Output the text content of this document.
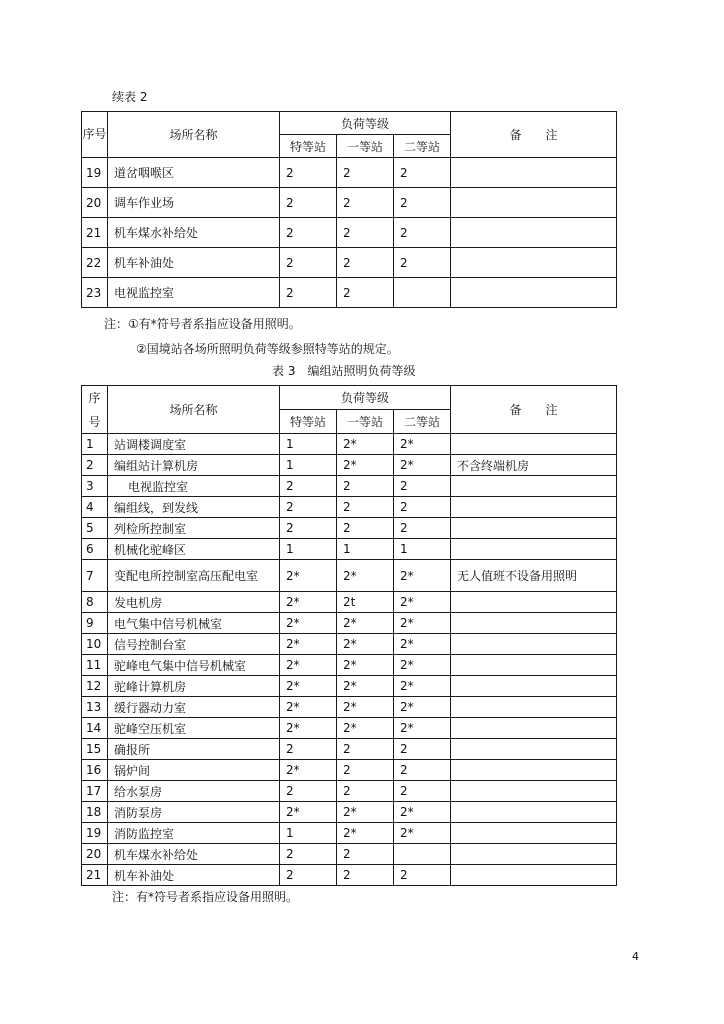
续表 2
序号	场所名称	负荷等级			备　　注
		特等站	一等站	二等站	
19	道岔咽喉区	2	2	2	
20	调车作业场	2	2	2	
21	机车煤水补给处	2	2	2	
22	机车补油处	2	2	2	
23	电视监控室	2	2		
注：①有*符号者系指应设备用照明。
②国境站各场所照明负荷等级参照特等站的规定。
表 3　编组站照明负荷等级
序	场所名称	负荷等级			备　　注
号		特等站	一等站	二等站	
1	站调楼调度室	1	2*	2*	
2	编组站计算机房	1	2*	2*	不含终端机房
3	电视监控室	2	2	2	
4	编组线，到发线	2	2	2	
5	列检所控制室	2	2	2	
6	机械化驼峰区	1	1	1	
7	变配电所控制室高压配电室	2*	2*	2*	无人值班不设备用照明
8	发电机房	2*	2t	2*	
9	电气集中信号机械室	2*	2*	2*	
10	信号控制台室	2*	2*	2*	
11	驼峰电气集中信号机械室	2*	2*	2*	
12	驼峰计算机房	2*	2*	2*	
13	缓行器动力室	2*	2*	2*	
14	驼峰空压机室	2*	2*	2*	
15	确报所	2	2	2	
16	锅炉间	2*	2	2	
17	给水泵房	2	2	2	
18	消防泵房	2*	2*	2*	
19	消防监控室	1	2*	2*	
20	机车煤水补给处	2	2		
21	机车补油处	2	2	2	
注：有*符号者系指应设备用照明。
4
